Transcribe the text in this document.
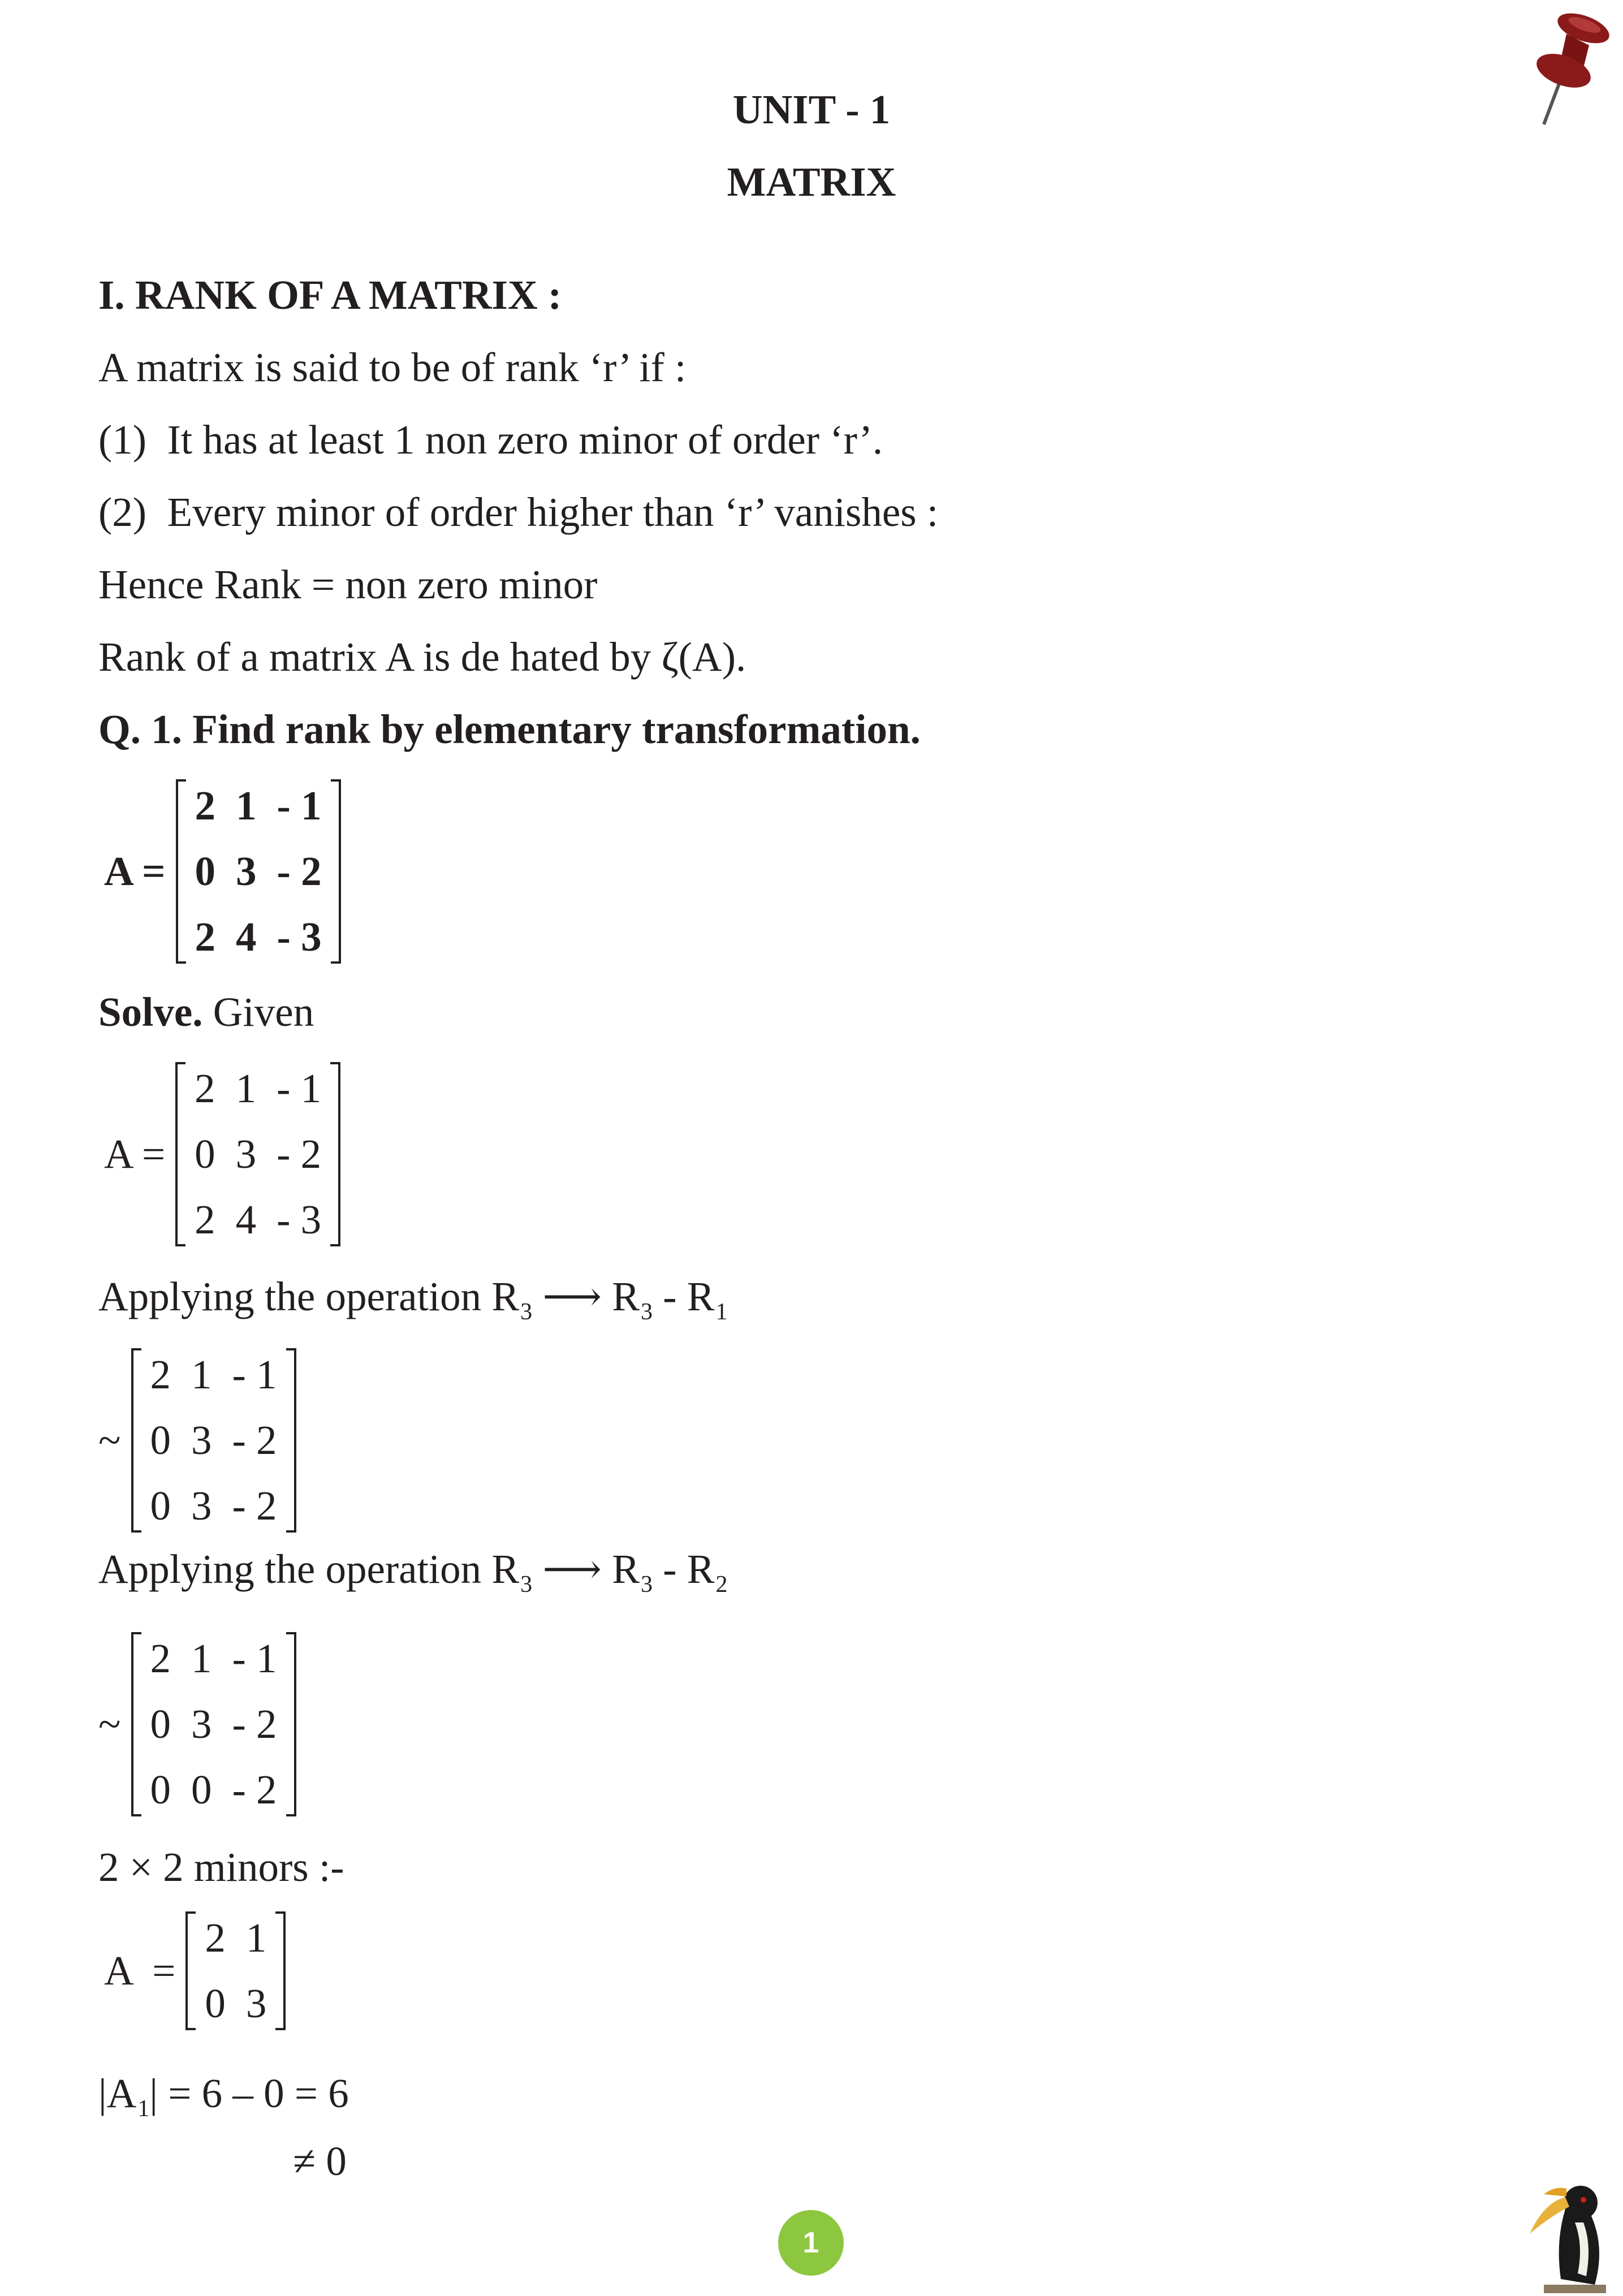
UNIT - 1
MATRIX
I. RANK OF A MATRIX :
A matrix is said to be of rank ‘r’ if :
(1) It has at least 1 non zero minor of order ‘r’.
(2) Every minor of order higher than ‘r’ vanishes :
Hence Rank = non zero minor
Rank of a matrix A is de hated by ζ(A).
Q. 1. Find rank by elementary transformation.
A =
2 1 - 1
0 3 - 2
2 4 - 3
Solve. Given
A =
2 1 - 1
0 3 - 2
2 4 - 3
Applying the operation $R_3$ ⟶ $R_3 - R_1$
~
2 1 - 1
0 3 - 2
0 3 - 2
Applying the operation $R_3$ ⟶ $R_3 - R_2$
~
2 1 - 1
0 3 - 2
0 0 - 2
2 × 2 minors :-
A  =
2 1
0 3
$|A_1| = 6 - 0 = 6$
≠ 0
1
